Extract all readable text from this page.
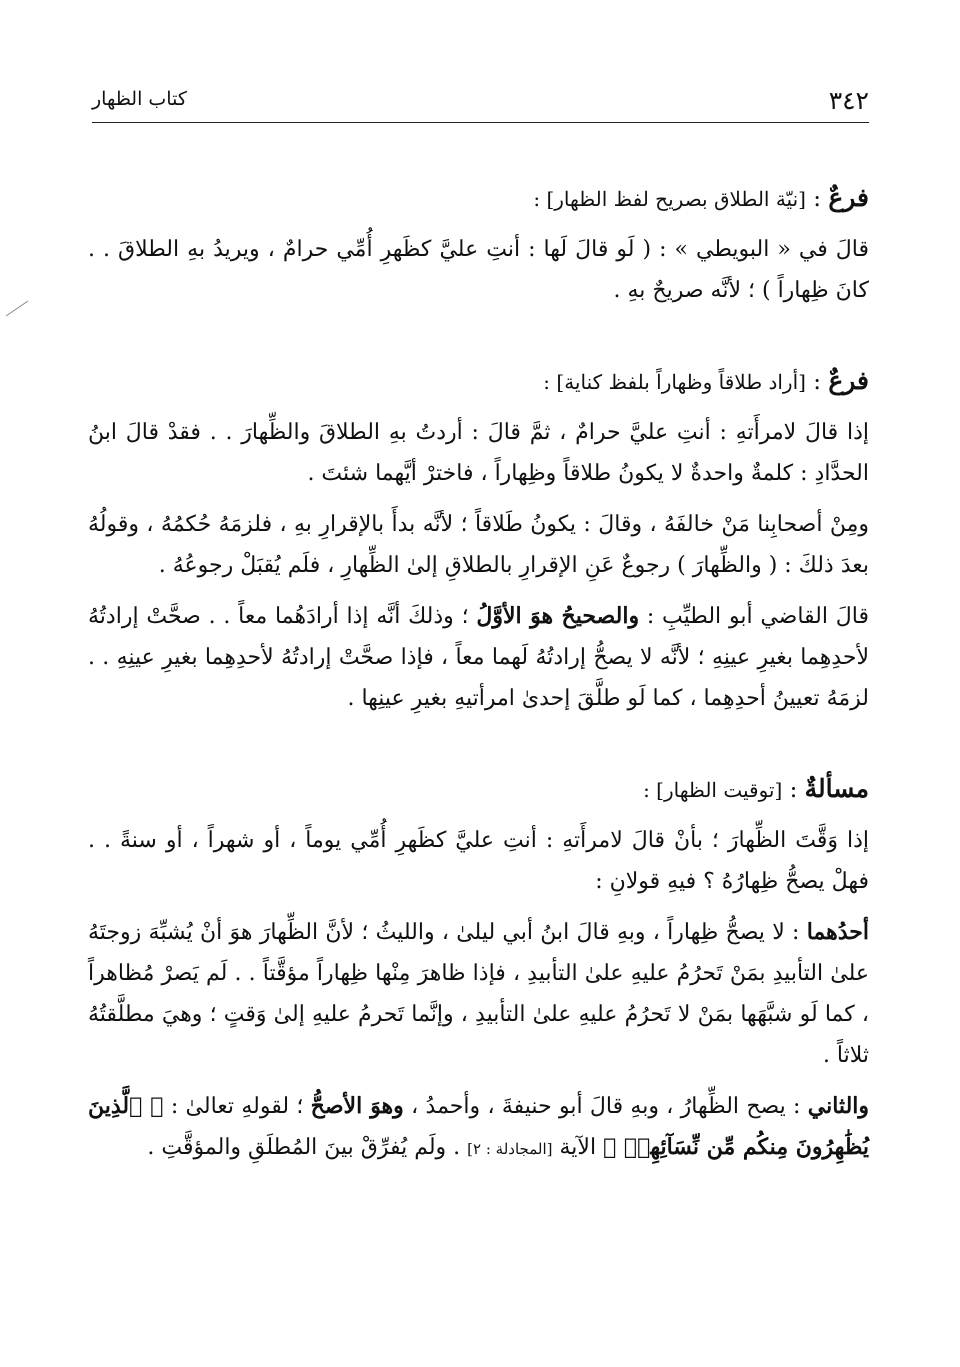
كتاب الظهار	٣٤٢

فرعٌ : [نيّة الطلاق بصريح لفظ الظهار] :

قالَ في « البويطي » : ( لَو قالَ لَها : أنتِ عليَّ كظَهرِ أُمِّي حرامٌ ، ويريدُ بهِ الطلاقَ . . كانَ ظِهاراً ) ؛ لأنَّه صريحٌ بهِ .

فرعٌ : [أراد طلاقاً وظهاراً بلفظ كناية] :

إذا قالَ لامرأَتهِ : أنتِ عليَّ حرامٌ ، ثمَّ قالَ : أردتُ بهِ الطلاقَ والظِّهارَ . . فقدْ قالَ ابنُ الحدَّادِ : كلمةٌ واحدةٌ لا يكونُ طلاقاً وظِهاراً ، فاخترْ أيَّهما شئتَ .

ومِنْ أصحابِنا مَنْ خالفَهُ ، وقالَ : يكونُ طَلاقاً ؛ لأنَّه بدأَ بالإقرارِ بهِ ، فلزمَهُ حُكمُهُ ، وقولُهُ بعدَ ذلكَ : ( والظِّهارَ ) رجوعٌ عَنِ الإقرارِ بالطلاقِ إلىٰ الظِّهارِ ، فلَم يُقبَلْ رجوعُهُ .

قالَ القاضي أبو الطيِّبِ : والصحيحُ هوَ الأوَّلُ ؛ وذلكَ أنَّه إذا أرادَهُما معاً . . صحَّتْ إرادتُهُ لأحدِهِما بغيرِ عينِهِ ؛ لأنَّه لا يصحُّ إرادتُهُ لَهما معاً ، فإذا صحَّتْ إرادتُهُ لأحدِهِما بغيرِ عينِهِ . . لزمَهُ تعيينُ أحدِهِما ، كما لَو طلَّقَ إحدىٰ امرأتيهِ بغيرِ عينِها .

مسألةٌ : [توقيت الظهار] :

إذا وَقَّتَ الظِّهارَ ؛ بأنْ قالَ لامرأَتهِ : أنتِ عليَّ كظَهرِ أُمِّي يوماً ، أو شهراً ، أو سنةً . . فهلْ يصحُّ ظِهارُهُ ؟ فيهِ قولانِ :

أحدُهما : لا يصحُّ ظِهاراً ، وبهِ قالَ ابنُ أبي ليلىٰ ، والليثُ ؛ لأنَّ الظِّهارَ هوَ أنْ يُشبِّهَ زوجتَهُ علىٰ التأبيدِ بمَنْ تَحرُمُ عليهِ علىٰ التأبيدِ ، فإذا ظاهرَ مِنْها ظِهاراً مؤقَّتاً . . لَم يَصرْ مُظاهراً ، كما لَو شبَّهَها بمَنْ لا تَحرُمُ عليهِ علىٰ التأبيدِ ، وإنَّما تَحرمُ عليهِ إلىٰ وَقتٍ ؛ وهيَ مطلَّقتُهُ ثلاثاً .

والثاني : يصح الظِّهارُ ، وبهِ قالَ أبو حنيفةَ ، وأحمدُ ، وهوَ الأصحُّ ؛ لقولهِ تعالىٰ : ﴿ ٱلَّذِينَ يُظَٰهِرُونَ مِنكُم مِّن نِّسَآئِهِمۡ ﴾ الآية [المجادلة : ٢] . ولَم يُفرِّقْ بينَ المُطلَقِ والمؤقَّتِ .
